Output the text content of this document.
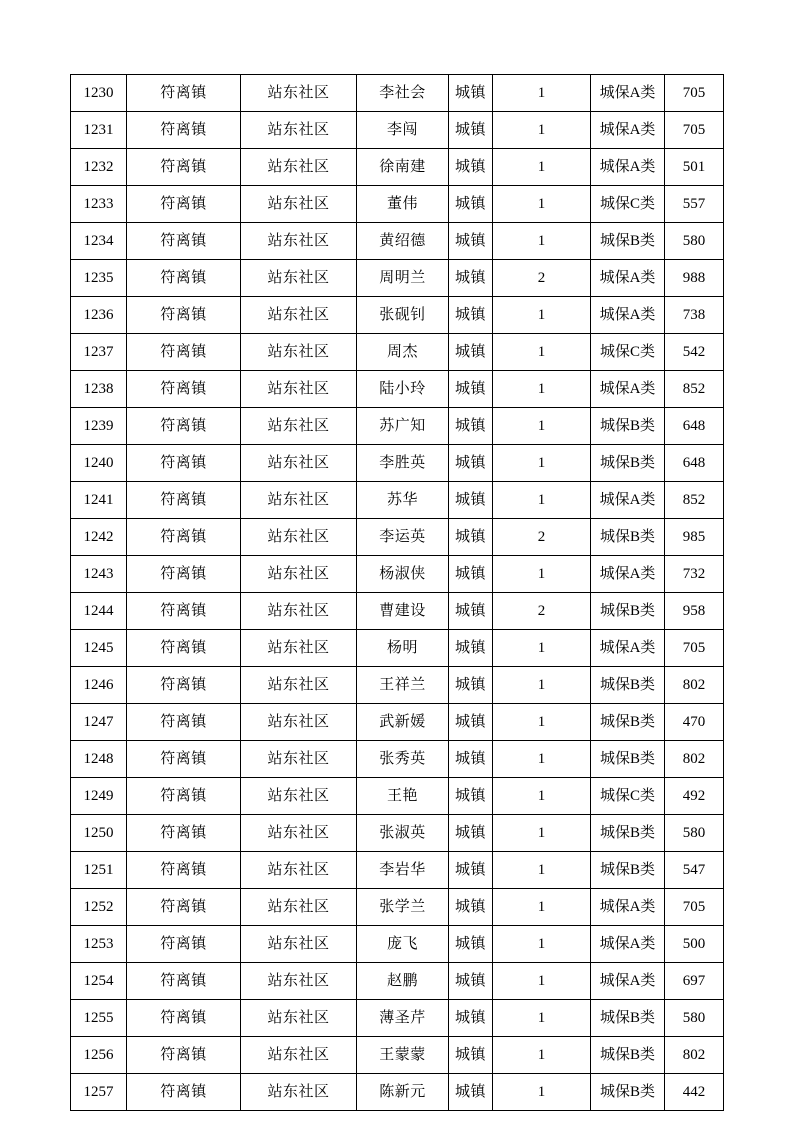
1230	符离镇	站东社区	李社会	城镇	1	城保A类	705
1231	符离镇	站东社区	李闯	城镇	1	城保A类	705
1232	符离镇	站东社区	徐南建	城镇	1	城保A类	501
1233	符离镇	站东社区	董伟	城镇	1	城保C类	557
1234	符离镇	站东社区	黄绍德	城镇	1	城保B类	580
1235	符离镇	站东社区	周明兰	城镇	2	城保A类	988
1236	符离镇	站东社区	张砚钊	城镇	1	城保A类	738
1237	符离镇	站东社区	周杰	城镇	1	城保C类	542
1238	符离镇	站东社区	陆小玲	城镇	1	城保A类	852
1239	符离镇	站东社区	苏广知	城镇	1	城保B类	648
1240	符离镇	站东社区	李胜英	城镇	1	城保B类	648
1241	符离镇	站东社区	苏华	城镇	1	城保A类	852
1242	符离镇	站东社区	李运英	城镇	2	城保B类	985
1243	符离镇	站东社区	杨淑侠	城镇	1	城保A类	732
1244	符离镇	站东社区	曹建设	城镇	2	城保B类	958
1245	符离镇	站东社区	杨明	城镇	1	城保A类	705
1246	符离镇	站东社区	王祥兰	城镇	1	城保B类	802
1247	符离镇	站东社区	武新媛	城镇	1	城保B类	470
1248	符离镇	站东社区	张秀英	城镇	1	城保B类	802
1249	符离镇	站东社区	王艳	城镇	1	城保C类	492
1250	符离镇	站东社区	张淑英	城镇	1	城保B类	580
1251	符离镇	站东社区	李岩华	城镇	1	城保B类	547
1252	符离镇	站东社区	张学兰	城镇	1	城保A类	705
1253	符离镇	站东社区	庞飞	城镇	1	城保A类	500
1254	符离镇	站东社区	赵鹏	城镇	1	城保A类	697
1255	符离镇	站东社区	薄圣芹	城镇	1	城保B类	580
1256	符离镇	站东社区	王蒙蒙	城镇	1	城保B类	802
1257	符离镇	站东社区	陈新元	城镇	1	城保B类	442
